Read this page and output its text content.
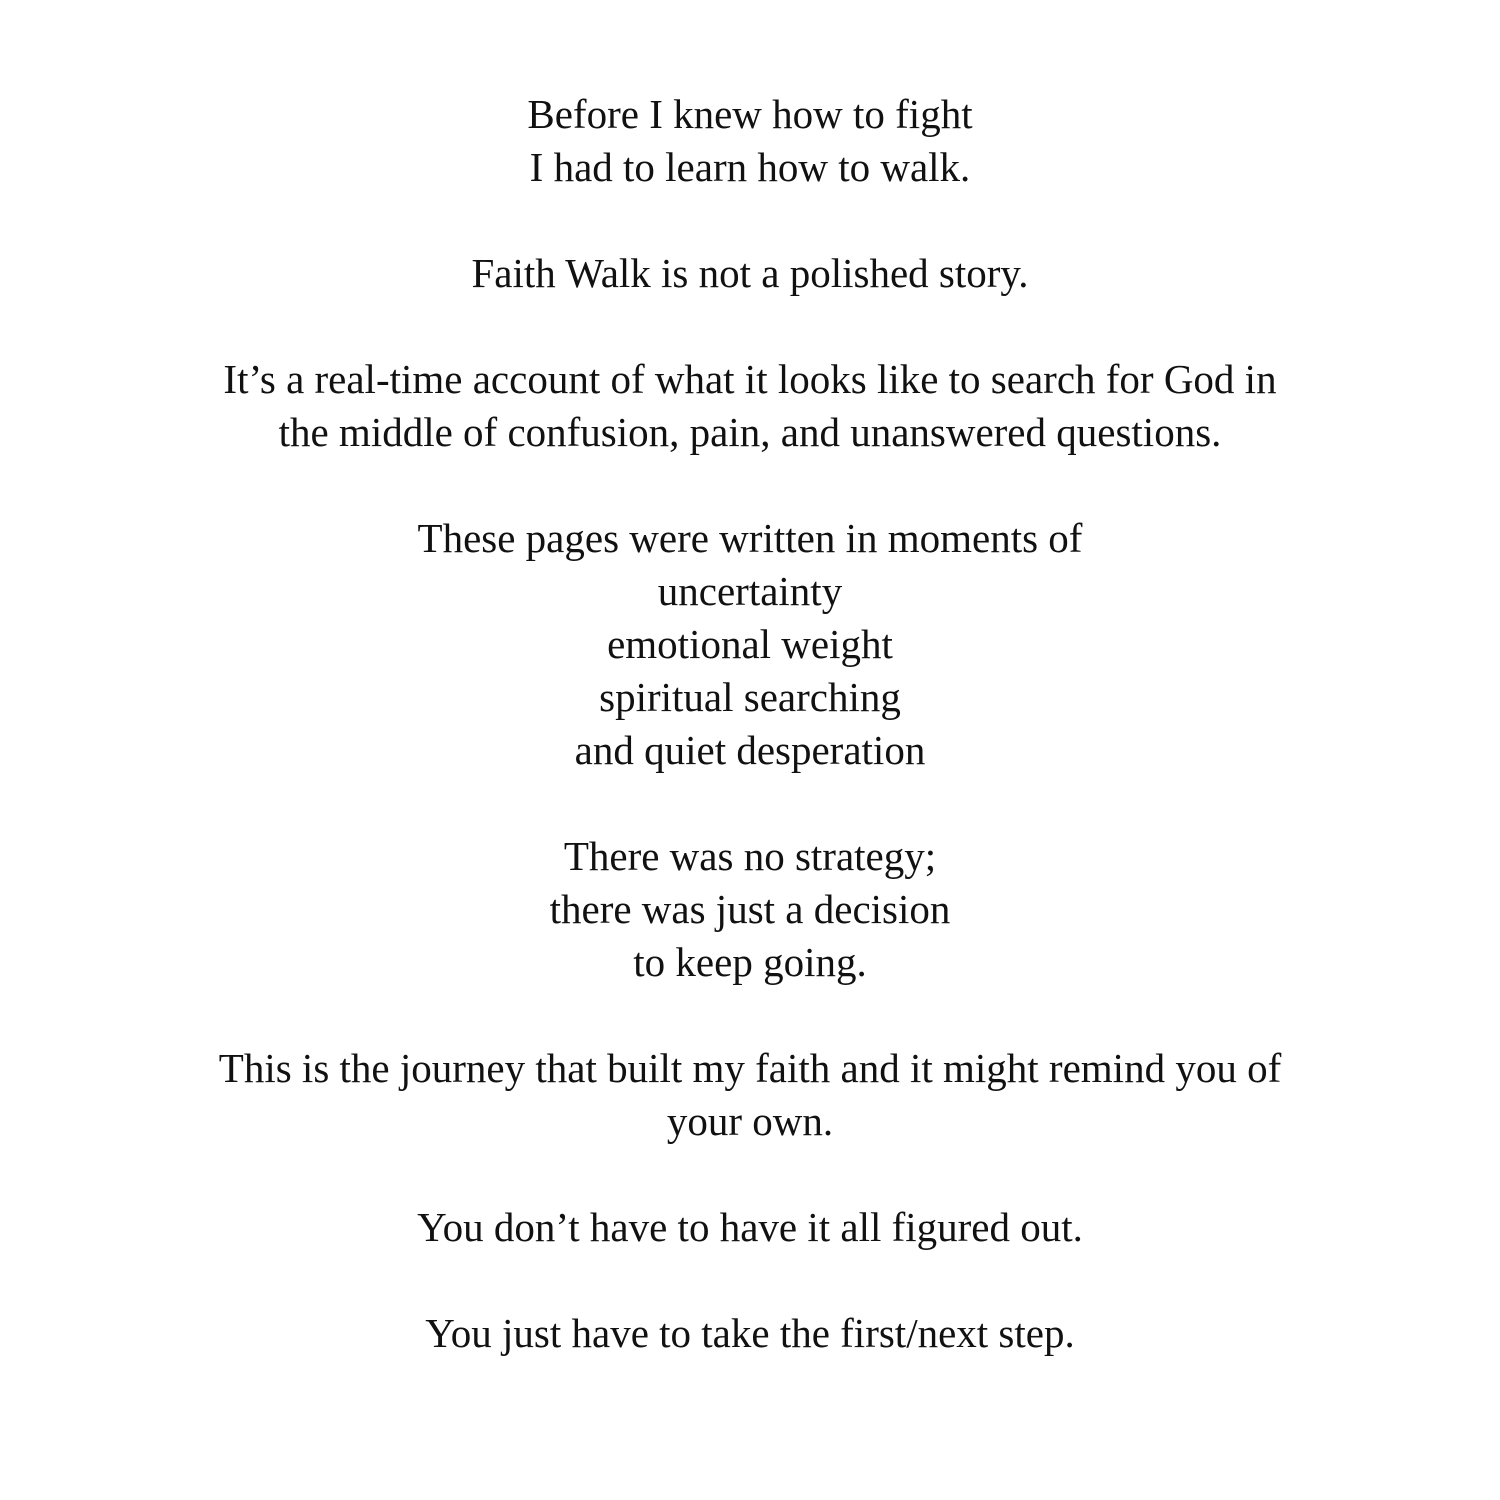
Before I knew how to fight
I had to learn how to walk.
Faith Walk is not a polished story.
It’s a real-time account of what it looks like to search for God in
the middle of confusion, pain, and unanswered questions.
These pages were written in moments of
uncertainty
emotional weight
spiritual searching
and quiet desperation
There was no strategy;
there was just a decision
to keep going.
This is the journey that built my faith and it might remind you of
your own.
You don’t have to have it all figured out.
You just have to take the first/next step.
